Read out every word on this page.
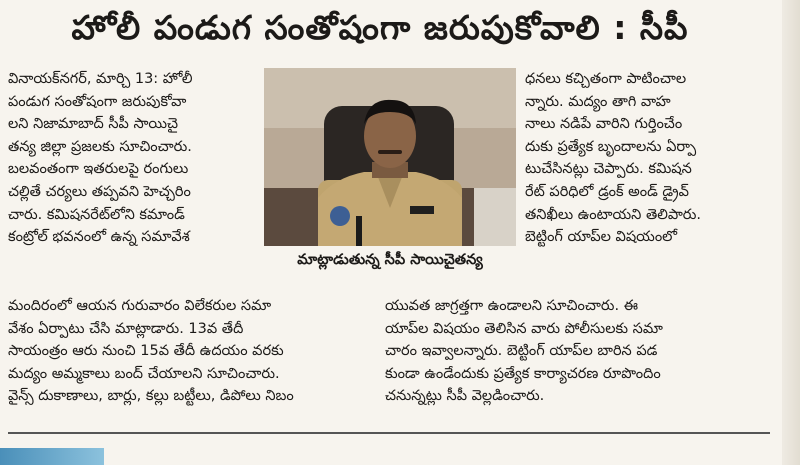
హోలీ పండుగ సంతోషంగా జరుపుకోవాలి : సీపీ
వినాయక్‌నగర్, మార్చి 13: హోలీ
పండుగ సంతోషంగా జరుపుకోవా
లని నిజామాబాద్ సీపీ సాయిచై
తన్య జిల్లా ప్రజలకు సూచించారు.
బలవంతంగా ఇతరులపై రంగులు
చల్లితే చర్యలు తప్పవని హెచ్చరిం
చారు. కమిషనరేట్‌లోని కమాండ్
కంట్రోల్ భవనంలో ఉన్న సమావేశ
మాట్లాడుతున్న సీపీ సాయిచైతన్య
ధనలు కచ్చితంగా పాటించాల
న్నారు. మద్యం తాగి వాహ
నాలు నడిపే వారిని గుర్తించేం
దుకు ప్రత్యేక బృందాలను ఏర్పా
టుచేసినట్లు చెప్పారు. కమిషన
రేట్ పరిధిలో డ్రంక్ అండ్ డ్రైవ్
తనిఖీలు ఉంటాయని తెలిపారు.
బెట్టింగ్ యాప్‌ల విషయంలో
మందిరంలో ఆయన గురువారం విలేకరుల సమా
వేశం ఏర్పాటు చేసి మాట్లాడారు. 13వ తేదీ
సాయంత్రం ఆరు నుంచి 15వ తేదీ ఉదయం వరకు
మద్యం అమ్మకాలు బంద్ చేయాలని సూచించారు.
వైన్స్ దుకాణాలు, బార్లు, కల్లు బట్టీలు, డిపోలు నిబం
యువత జాగ్రత్తగా ఉండాలని సూచించారు. ఈ
యాప్‌ల విషయం తెలిసిన వారు పోలీసులకు సమా
చారం ఇవ్వాలన్నారు. బెట్టింగ్ యాప్‌ల బారిన పడ
కుండా ఉండేందుకు ప్రత్యేక కార్యాచరణ రూపొందిం
చనున్నట్లు సీపీ వెల్లడించారు.
